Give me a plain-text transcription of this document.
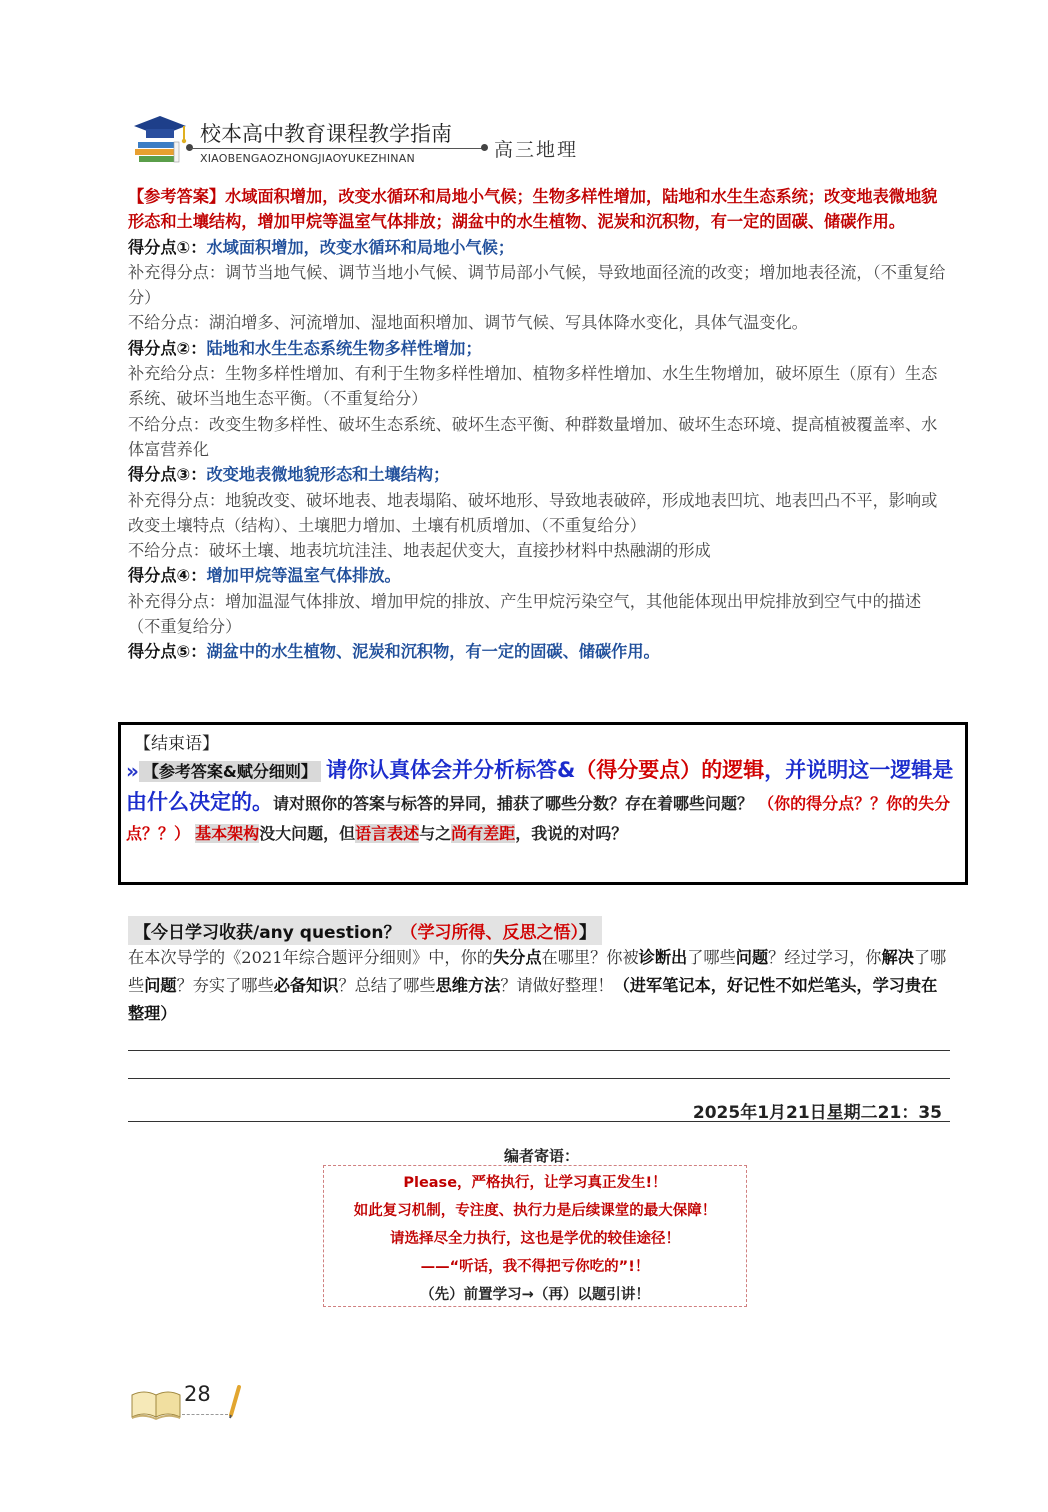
校本高中教育课程教学指南
XIAOBENGAOZHONGJIAOYUKEZHINAN	高三地理

【参考答案】水域面积增加，改变水循环和局地小气候；生物多样性增加，陆地和水生生态系统；改变地表微地貌形态和土壤结构，增加甲烷等温室气体排放；湖盆中的水生植物、泥炭和沉积物，有一定的固碳、储碳作用。

得分点①：水域面积增加，改变水循环和局地小气候；

补充得分点：调节当地气候、调节当地小气候、调节局部小气候，导致地面径流的改变；增加地表径流，（不重复给分）

不给分点：湖泊增多、河流增加、湿地面积增加、调节气候、写具体降水变化，具体气温变化。

得分点②：陆地和水生生态系统生物多样性增加；

补充给分点：生物多样性增加、有利于生物多样性增加、植物多样性增加、水生生物增加，破坏原生（原有）生态系统、破坏当地生态平衡。（不重复给分）

不给分点：改变生物多样性、破坏生态系统、破坏生态平衡、种群数量增加、破坏生态环境、提高植被覆盖率、水体富营养化

得分点③：改变地表微地貌形态和土壤结构；

补充得分点：地貌改变、破坏地表、地表塌陷、破坏地形、导致地表破碎，形成地表凹坑、地表凹凸不平，影响或改变土壤特点（结构）、土壤肥力增加、土壤有机质增加、（不重复给分）

不给分点：破坏土壤、地表坑坑洼洼、地表起伏变大，直接抄材料中热融湖的形成

得分点④：增加甲烷等温室气体排放。

补充得分点：增加温湿气体排放、增加甲烷的排放、产生甲烷污染空气，其他能体现出甲烷排放到空气中的描述（不重复给分）

得分点⑤：湖盆中的水生植物、泥炭和沉积物，有一定的固碳、储碳作用。

【结束语】
» 【参考答案&赋分细则】 请你认真体会并分析标答&（得分要点）的逻辑，并说明这一逻辑是由什么决定的。请对照你的答案与标答的异同，捕获了哪些分数？存在着哪些问题？ （你的得分点？？你的失分点？？） 基本架构没大问题，但语言表述与之尚有差距，我说的对吗？
【今日学习收获/any question？（学习所得、反思之悟）】
在本次导学的《2021年综合题评分细则》中，你的失分点在哪里？你被诊断出了哪些问题？经过学习，你解决了哪些问题？夯实了哪些必备知识？总结了哪些思维方法？请做好整理！（进军笔记本，好记性不如烂笔头，学习贵在整理）
2025年1月21日星期二21：35
编者寄语：
Please，严格执行，让学习真正发生!！
如此复习机制，专注度、执行力是后续课堂的最大保障！
请选择尽全力执行，这也是学优的较佳途径！
——“听话，我不得把亏你吃的”!！
（先）前置学习→（再）以题引讲！
28
